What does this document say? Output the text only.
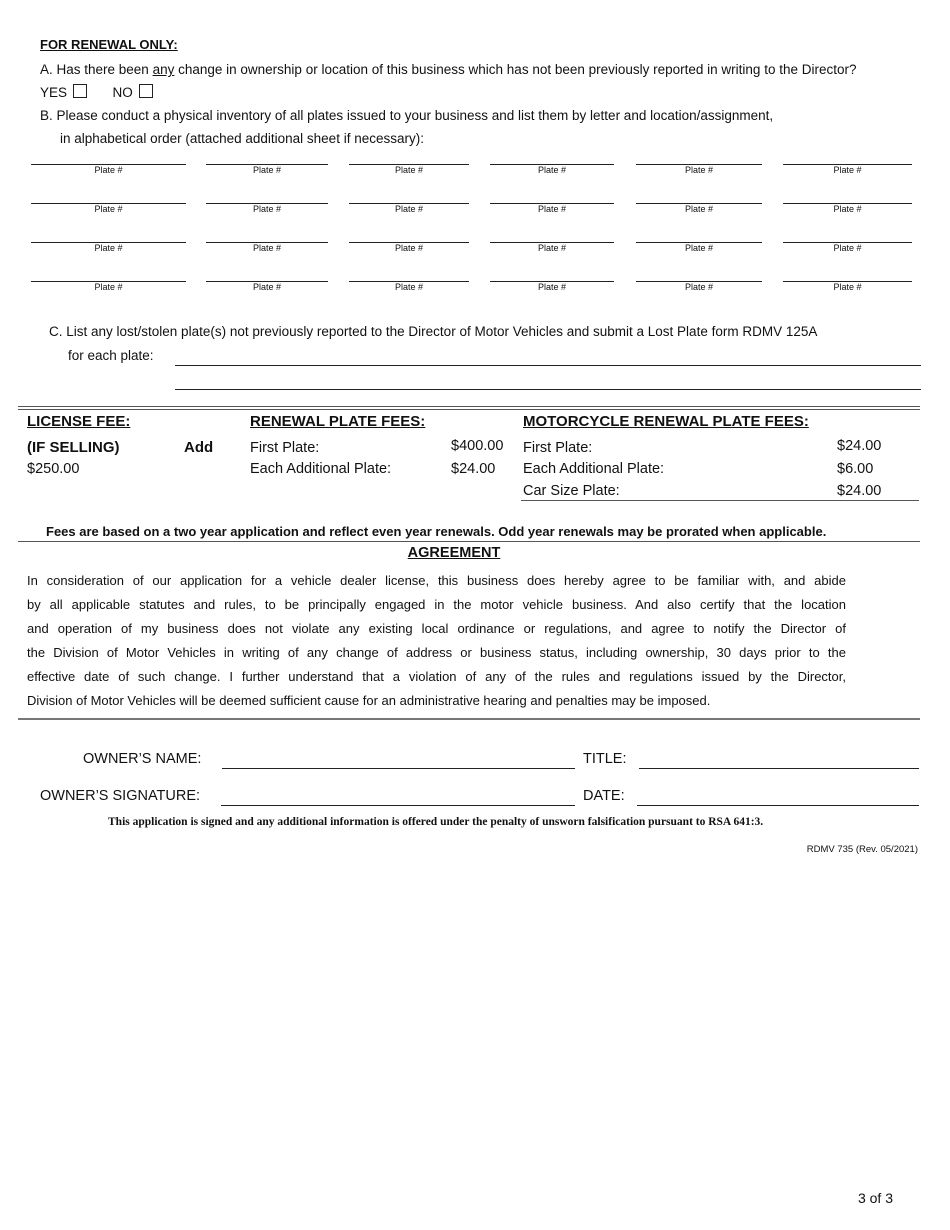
FOR RENEWAL ONLY:
A. Has there been any change in ownership or location of this business which has not been previously reported in writing to the Director?
YES	NO
B. Please conduct a physical inventory of all plates issued to your business and list them by letter and location/assignment,
in alphabetical order (attached additional sheet if necessary):
Plate #	Plate #	Plate #	Plate #	Plate #	Plate #
Plate #	Plate #	Plate #	Plate #	Plate #	Plate #
Plate #	Plate #	Plate #	Plate #	Plate #	Plate #
Plate #	Plate #	Plate #	Plate #	Plate #	Plate #
C. List any lost/stolen plate(s) not previously reported to the Director of Motor Vehicles and submit a Lost Plate form RDMV 125A
for each plate:
LICENSE FEE:
(IF SELLING)	Add
$250.00
RENEWAL PLATE FEES:
First Plate:	$400.00
Each Additional Plate:	$24.00
MOTORCYCLE RENEWAL PLATE FEES:
First Plate:	$24.00
Each Additional Plate:	$6.00
Car Size Plate:	$24.00
Fees are based on a two year application and reflect even year renewals. Odd year renewals may be prorated when applicable.
AGREEMENT
In consideration of our application for a vehicle dealer license, this business does hereby agree to be familiar with, and abide
by all applicable statutes and rules, to be principally engaged in the motor vehicle business. And also certify that the location
and operation of my business does not violate any existing local ordinance or regulations, and agree to notify the Director of
the Division of Motor Vehicles in writing of any change of address or business status, including ownership, 30 days prior to the
effective date of such change. I further understand that a violation of any of the rules and regulations issued by the Director,
Division of Motor Vehicles will be deemed sufficient cause for an administrative hearing and penalties may be imposed.
OWNER’S NAME:	TITLE:
OWNER’S SIGNATURE:	DATE:
This application is signed and any additional information is offered under the penalty of unsworn falsification pursuant to RSA 641:3.
RDMV 735 (Rev. 05/2021)
3 of 3
